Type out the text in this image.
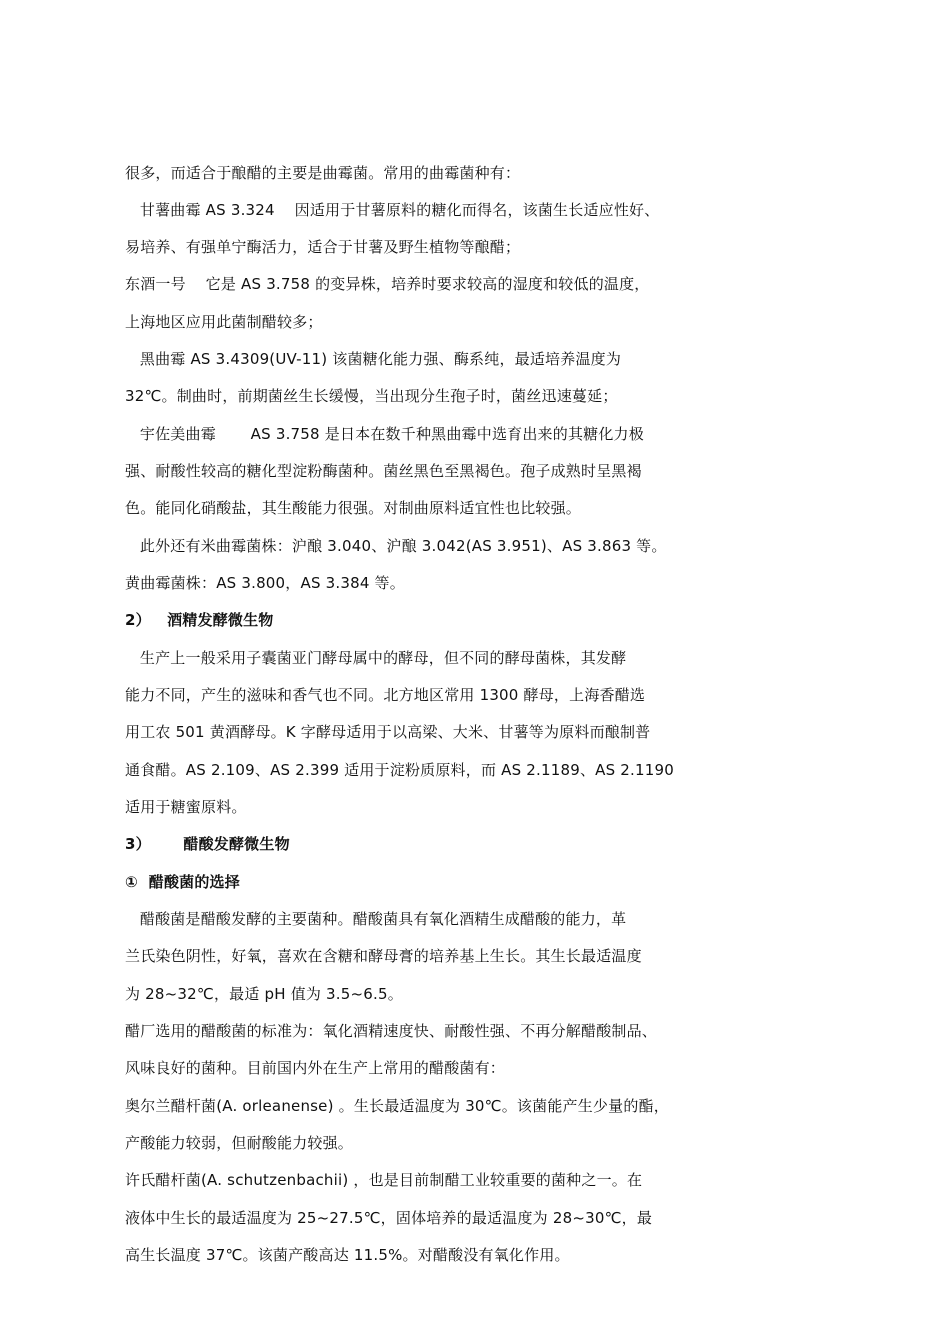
很多，而适合于酿醋的主要是曲霉菌。常用的曲霉菌种有：
甘薯曲霉 AS 3.324    因适用于甘薯原料的糖化而得名，该菌生长适应性好、
易培养、有强单宁酶活力，适合于甘薯及野生植物等酿醋；
东酒一号    它是 AS 3.758 的变异株，培养时要求较高的湿度和较低的温度，
上海地区应用此菌制醋较多；
黑曲霉 AS 3.4309(UV-11) 该菌糖化能力强、酶系纯，最适培养温度为
32℃。制曲时，前期菌丝生长缓慢，当出现分生孢子时，菌丝迅速蔓延；
宇佐美曲霉       AS 3.758 是日本在数千种黑曲霉中选育出来的其糖化力极
强、耐酸性较高的糖化型淀粉酶菌种。菌丝黑色至黑褐色。孢子成熟时呈黑褐
色。能同化硝酸盐，其生酸能力很强。对制曲原料适宜性也比较强。
此外还有米曲霉菌株：沪酿 3.040、沪酿 3.042(AS 3.951)、AS 3.863 等。
黄曲霉菌株：AS 3.800，AS 3.384 等。
2）   酒精发酵微生物
生产上一般采用子囊菌亚门酵母属中的酵母，但不同的酵母菌株，其发酵
能力不同，产生的滋味和香气也不同。北方地区常用 1300 酵母，上海香醋选
用工农 501 黄酒酵母。K 字酵母适用于以高梁、大米、甘薯等为原料而酿制普
通食醋。AS 2.109、AS 2.399 适用于淀粉质原料，而 AS 2.1189、AS 2.1190
适用于糖蜜原料。
3）      醋酸发酵微生物
①  醋酸菌的选择
醋酸菌是醋酸发酵的主要菌种。醋酸菌具有氧化酒精生成醋酸的能力，革
兰氏染色阴性，好氧，喜欢在含糖和酵母膏的培养基上生长。其生长最适温度
为 28~32℃，最适 pH 值为 3.5~6.5。
醋厂选用的醋酸菌的标准为：氧化酒精速度快、耐酸性强、不再分解醋酸制品、
风味良好的菌种。目前国内外在生产上常用的醋酸菌有：
奥尔兰醋杆菌(A. orleanense) 。生长最适温度为 30℃。该菌能产生少量的酯，
产酸能力较弱，但耐酸能力较强。
许氏醋杆菌(A. schutzenbachii) ，也是目前制醋工业较重要的菌种之一。在
液体中生长的最适温度为 25~27.5℃，固体培养的最适温度为 28~30℃，最
高生长温度 37℃。该菌产酸高达 11.5%。对醋酸没有氧化作用。
